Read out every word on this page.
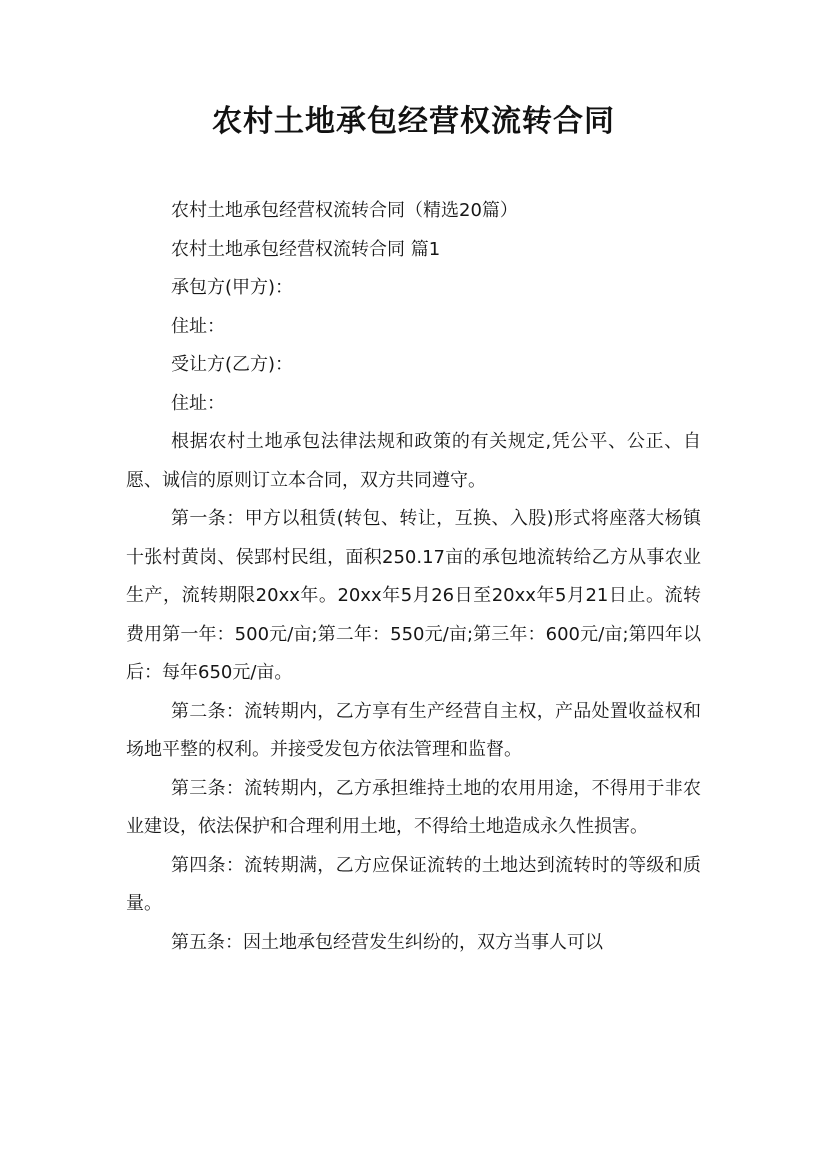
农村土地承包经营权流转合同

农村土地承包经营权流转合同（精选20篇）

农村土地承包经营权流转合同 篇1

承包方(甲方)：

住址：

受让方(乙方)：

住址：

根据农村土地承包法律法规和政策的有关规定,凭公平、公正、自愿、诚信的原则订立本合同，双方共同遵守。

第一条：甲方以租赁(转包、转让，互换、入股)形式将座落大杨镇十张村黄岗、侯郢村民组，面积250.17亩的承包地流转给乙方从事农业生产，流转期限20xx年。20xx年5月26日至20xx年5月21日止。流转费用第一年：500元/亩;第二年：550元/亩;第三年：600元/亩;第四年以后：每年650元/亩。

第二条：流转期内，乙方享有生产经营自主权，产品处置收益权和场地平整的权利。并接受发包方依法管理和监督。

第三条：流转期内，乙方承担维持土地的农用用途，不得用于非农业建设，依法保护和合理利用土地，不得给土地造成永久性损害。

第四条：流转期满，乙方应保证流转的土地达到流转时的等级和质量。

第五条：因土地承包经营发生纠纷的，双方当事人可以
